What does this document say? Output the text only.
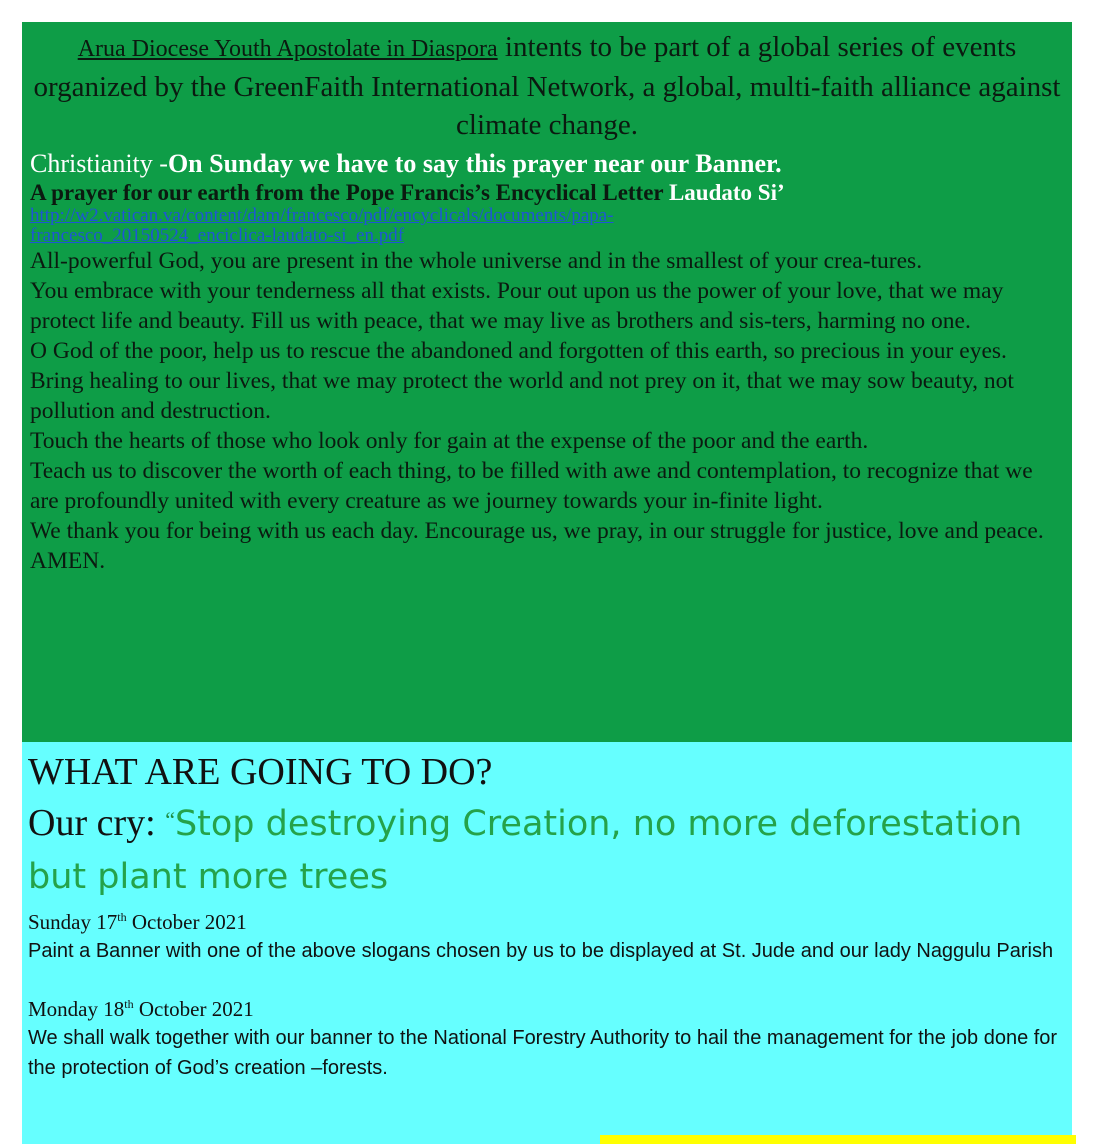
Arua Diocese Youth Apostolate in Diaspora intents to be part of a global series of events organized by the GreenFaith International Network, a global, multi-faith alliance against climate change.
Christianity -On Sunday we have to say this prayer near our Banner.
A prayer for our earth from the Pope Francis’s Encyclical Letter Laudato Si’
http://w2.vatican.va/content/dam/francesco/pdf/encyclicals/documents/papa-
francesco_20150524_enciclica-laudato-si_en.pdf

All-powerful God, you are present in the whole universe and in the smallest of your crea-tures.

You embrace with your tenderness all that exists. Pour out upon us the power of your love, that we may protect life and beauty. Fill us with peace, that we may live as brothers and sis-ters, harming no one.

O God of the poor, help us to rescue the abandoned and forgotten of this earth, so precious in your eyes.

Bring healing to our lives, that we may protect the world and not prey on it, that we may sow beauty, not pollution and destruction.

Touch the hearts of those who look only for gain at the expense of the poor and the earth.

Teach us to discover the worth of each thing, to be filled with awe and contemplation, to recognize that we are profoundly united with every creature as we journey towards your in-finite light.

We thank you for being with us each day. Encourage us, we pray, in our struggle for justice, love and peace. AMEN.

WHAT ARE GOING TO DO?
Our cry: “Stop destroying Creation, no more deforestation but plant more trees
Sunday 17th October 2021
Paint a Banner with one of the above slogans chosen by us to be displayed at St. Jude and our lady Naggulu Parish
Monday 18th October 2021
We shall walk together with our banner to the National Forestry Authority to hail the management for the job done for the protection of God’s creation –forests.
